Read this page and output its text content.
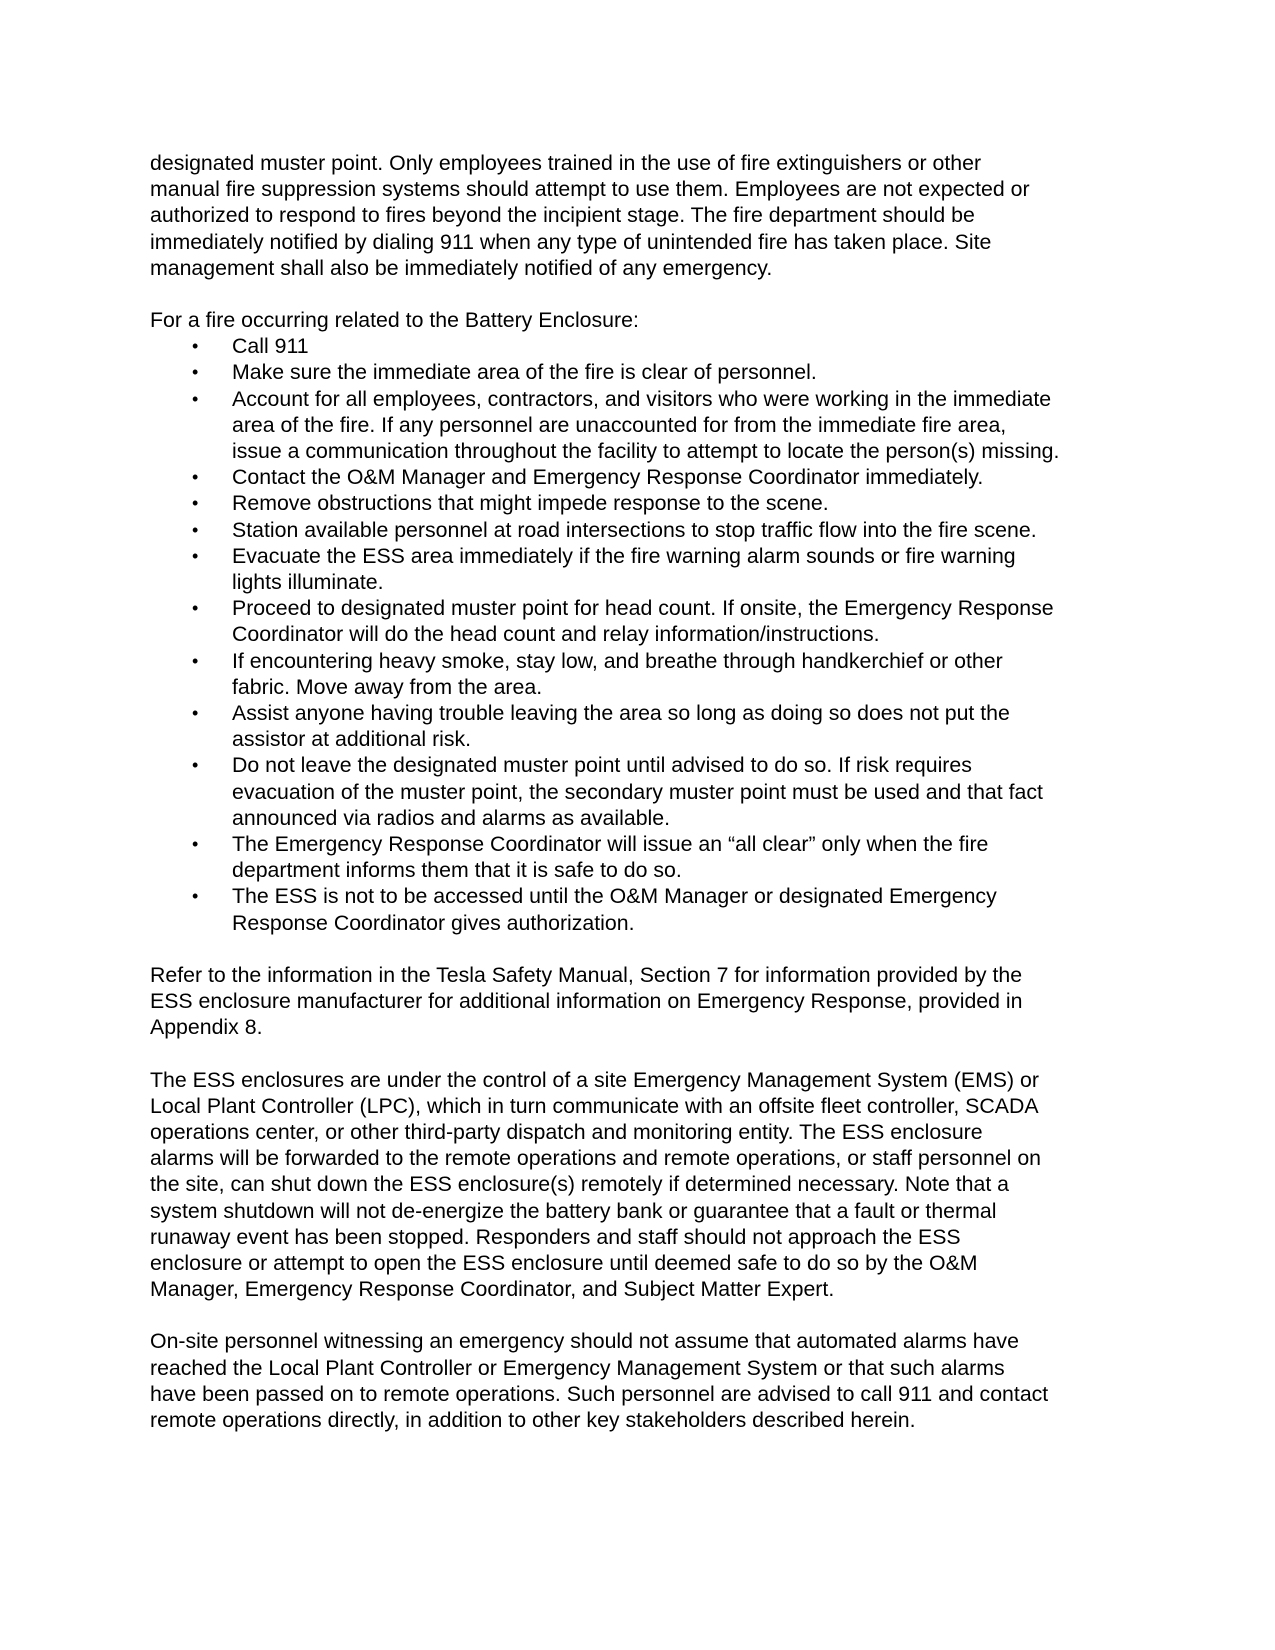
designated muster point. Only employees trained in the use of fire extinguishers or other
manual fire suppression systems should attempt to use them. Employees are not expected or
authorized to respond to fires beyond the incipient stage. The fire department should be
immediately notified by dialing 911 when any type of unintended fire has taken place. Site
management shall also be immediately notified of any emergency.

For a fire occurring related to the Battery Enclosure:

• Call 911
• Make sure the immediate area of the fire is clear of personnel.
• Account for all employees, contractors, and visitors who were working in the immediate
area of the fire. If any personnel are unaccounted for from the immediate fire area,
issue a communication throughout the facility to attempt to locate the person(s) missing.
• Contact the O&M Manager and Emergency Response Coordinator immediately.
• Remove obstructions that might impede response to the scene.
• Station available personnel at road intersections to stop traffic flow into the fire scene.
• Evacuate the ESS area immediately if the fire warning alarm sounds or fire warning
lights illuminate.
• Proceed to designated muster point for head count. If onsite, the Emergency Response
Coordinator will do the head count and relay information/instructions.
• If encountering heavy smoke, stay low, and breathe through handkerchief or other
fabric. Move away from the area.
• Assist anyone having trouble leaving the area so long as doing so does not put the
assistor at additional risk.
• Do not leave the designated muster point until advised to do so. If risk requires
evacuation of the muster point, the secondary muster point must be used and that fact
announced via radios and alarms as available.
• The Emergency Response Coordinator will issue an “all clear” only when the fire
department informs them that it is safe to do so.
• The ESS is not to be accessed until the O&M Manager or designated Emergency
Response Coordinator gives authorization.

Refer to the information in the Tesla Safety Manual, Section 7 for information provided by the
ESS enclosure manufacturer for additional information on Emergency Response, provided in
Appendix 8.

The ESS enclosures are under the control of a site Emergency Management System (EMS) or
Local Plant Controller (LPC), which in turn communicate with an offsite fleet controller, SCADA
operations center, or other third-party dispatch and monitoring entity. The ESS enclosure
alarms will be forwarded to the remote operations and remote operations, or staff personnel on
the site, can shut down the ESS enclosure(s) remotely if determined necessary. Note that a
system shutdown will not de-energize the battery bank or guarantee that a fault or thermal
runaway event has been stopped. Responders and staff should not approach the ESS
enclosure or attempt to open the ESS enclosure until deemed safe to do so by the O&M
Manager, Emergency Response Coordinator, and Subject Matter Expert.

On-site personnel witnessing an emergency should not assume that automated alarms have
reached the Local Plant Controller or Emergency Management System or that such alarms
have been passed on to remote operations. Such personnel are advised to call 911 and contact
remote operations directly, in addition to other key stakeholders described herein.
